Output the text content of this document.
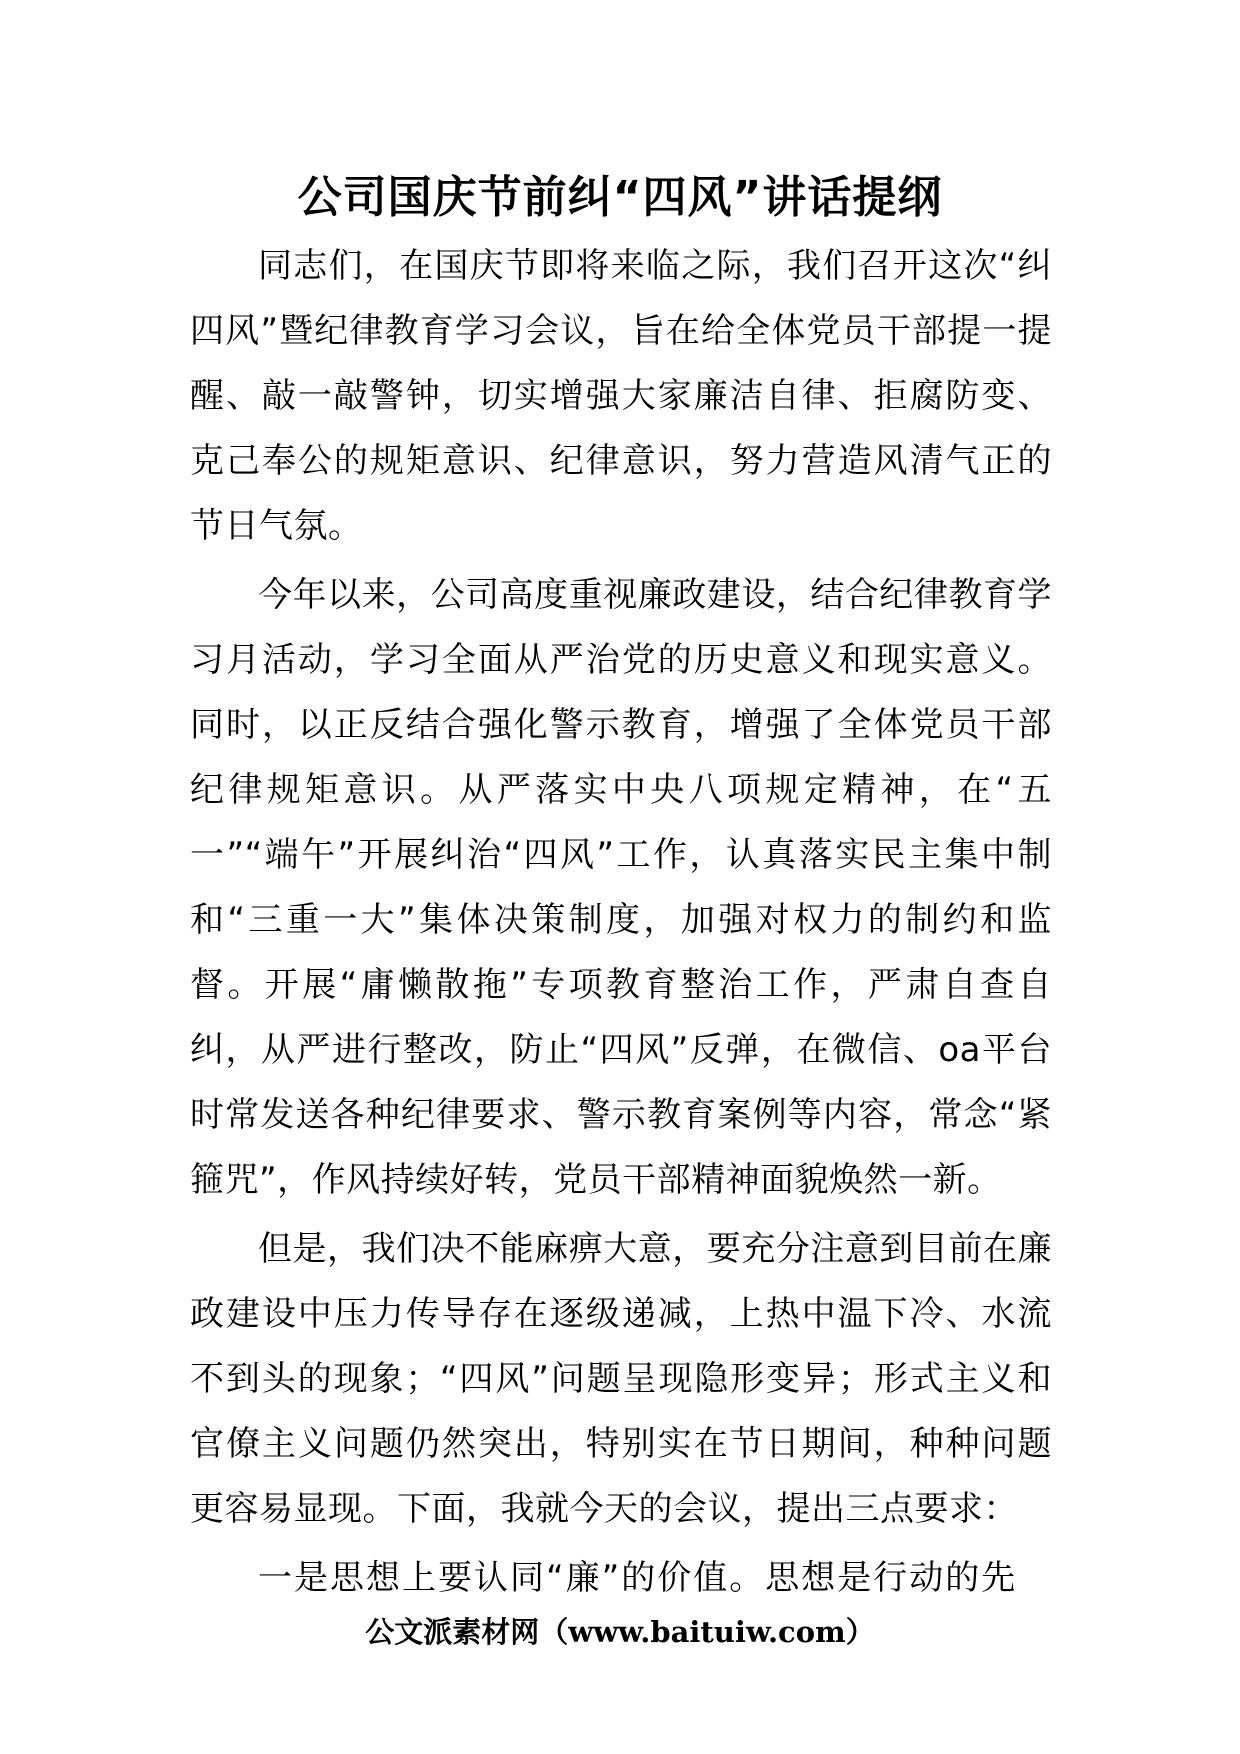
公司国庆节前纠“四风”讲话提纲

同志们，在国庆节即将来临之际，我们召开这次“纠四风”暨纪律教育学习会议，旨在给全体党员干部提一提醒、敲一敲警钟，切实增强大家廉洁自律、拒腐防变、克己奉公的规矩意识、纪律意识，努力营造风清气正的节日气氛。

今年以来，公司高度重视廉政建设，结合纪律教育学习月活动，学习全面从严治党的历史意义和现实意义。同时，以正反结合强化警示教育，增强了全体党员干部纪律规矩意识。从严落实中央八项规定精神，在“五一”“端午”开展纠治“四风”工作，认真落实民主集中制和“三重一大”集体决策制度，加强对权力的制约和监督。开展“庸懒散拖”专项教育整治工作，严肃自查自纠，从严进行整改，防止“四风”反弹，在微信、oa平台时常发送各种纪律要求、警示教育案例等内容，常念“紧箍咒”，作风持续好转，党员干部精神面貌焕然一新。

但是，我们决不能麻痹大意，要充分注意到目前在廉政建设中压力传导存在逐级递减，上热中温下冷、水流不到头的现象；“四风”问题呈现隐形变异；形式主义和官僚主义问题仍然突出，特别实在节日期间，种种问题更容易显现。下面，我就今天的会议，提出三点要求：

一是思想上要认同“廉”的价值。思想是行动的先

公文派素材网（www.baituiw.com）
